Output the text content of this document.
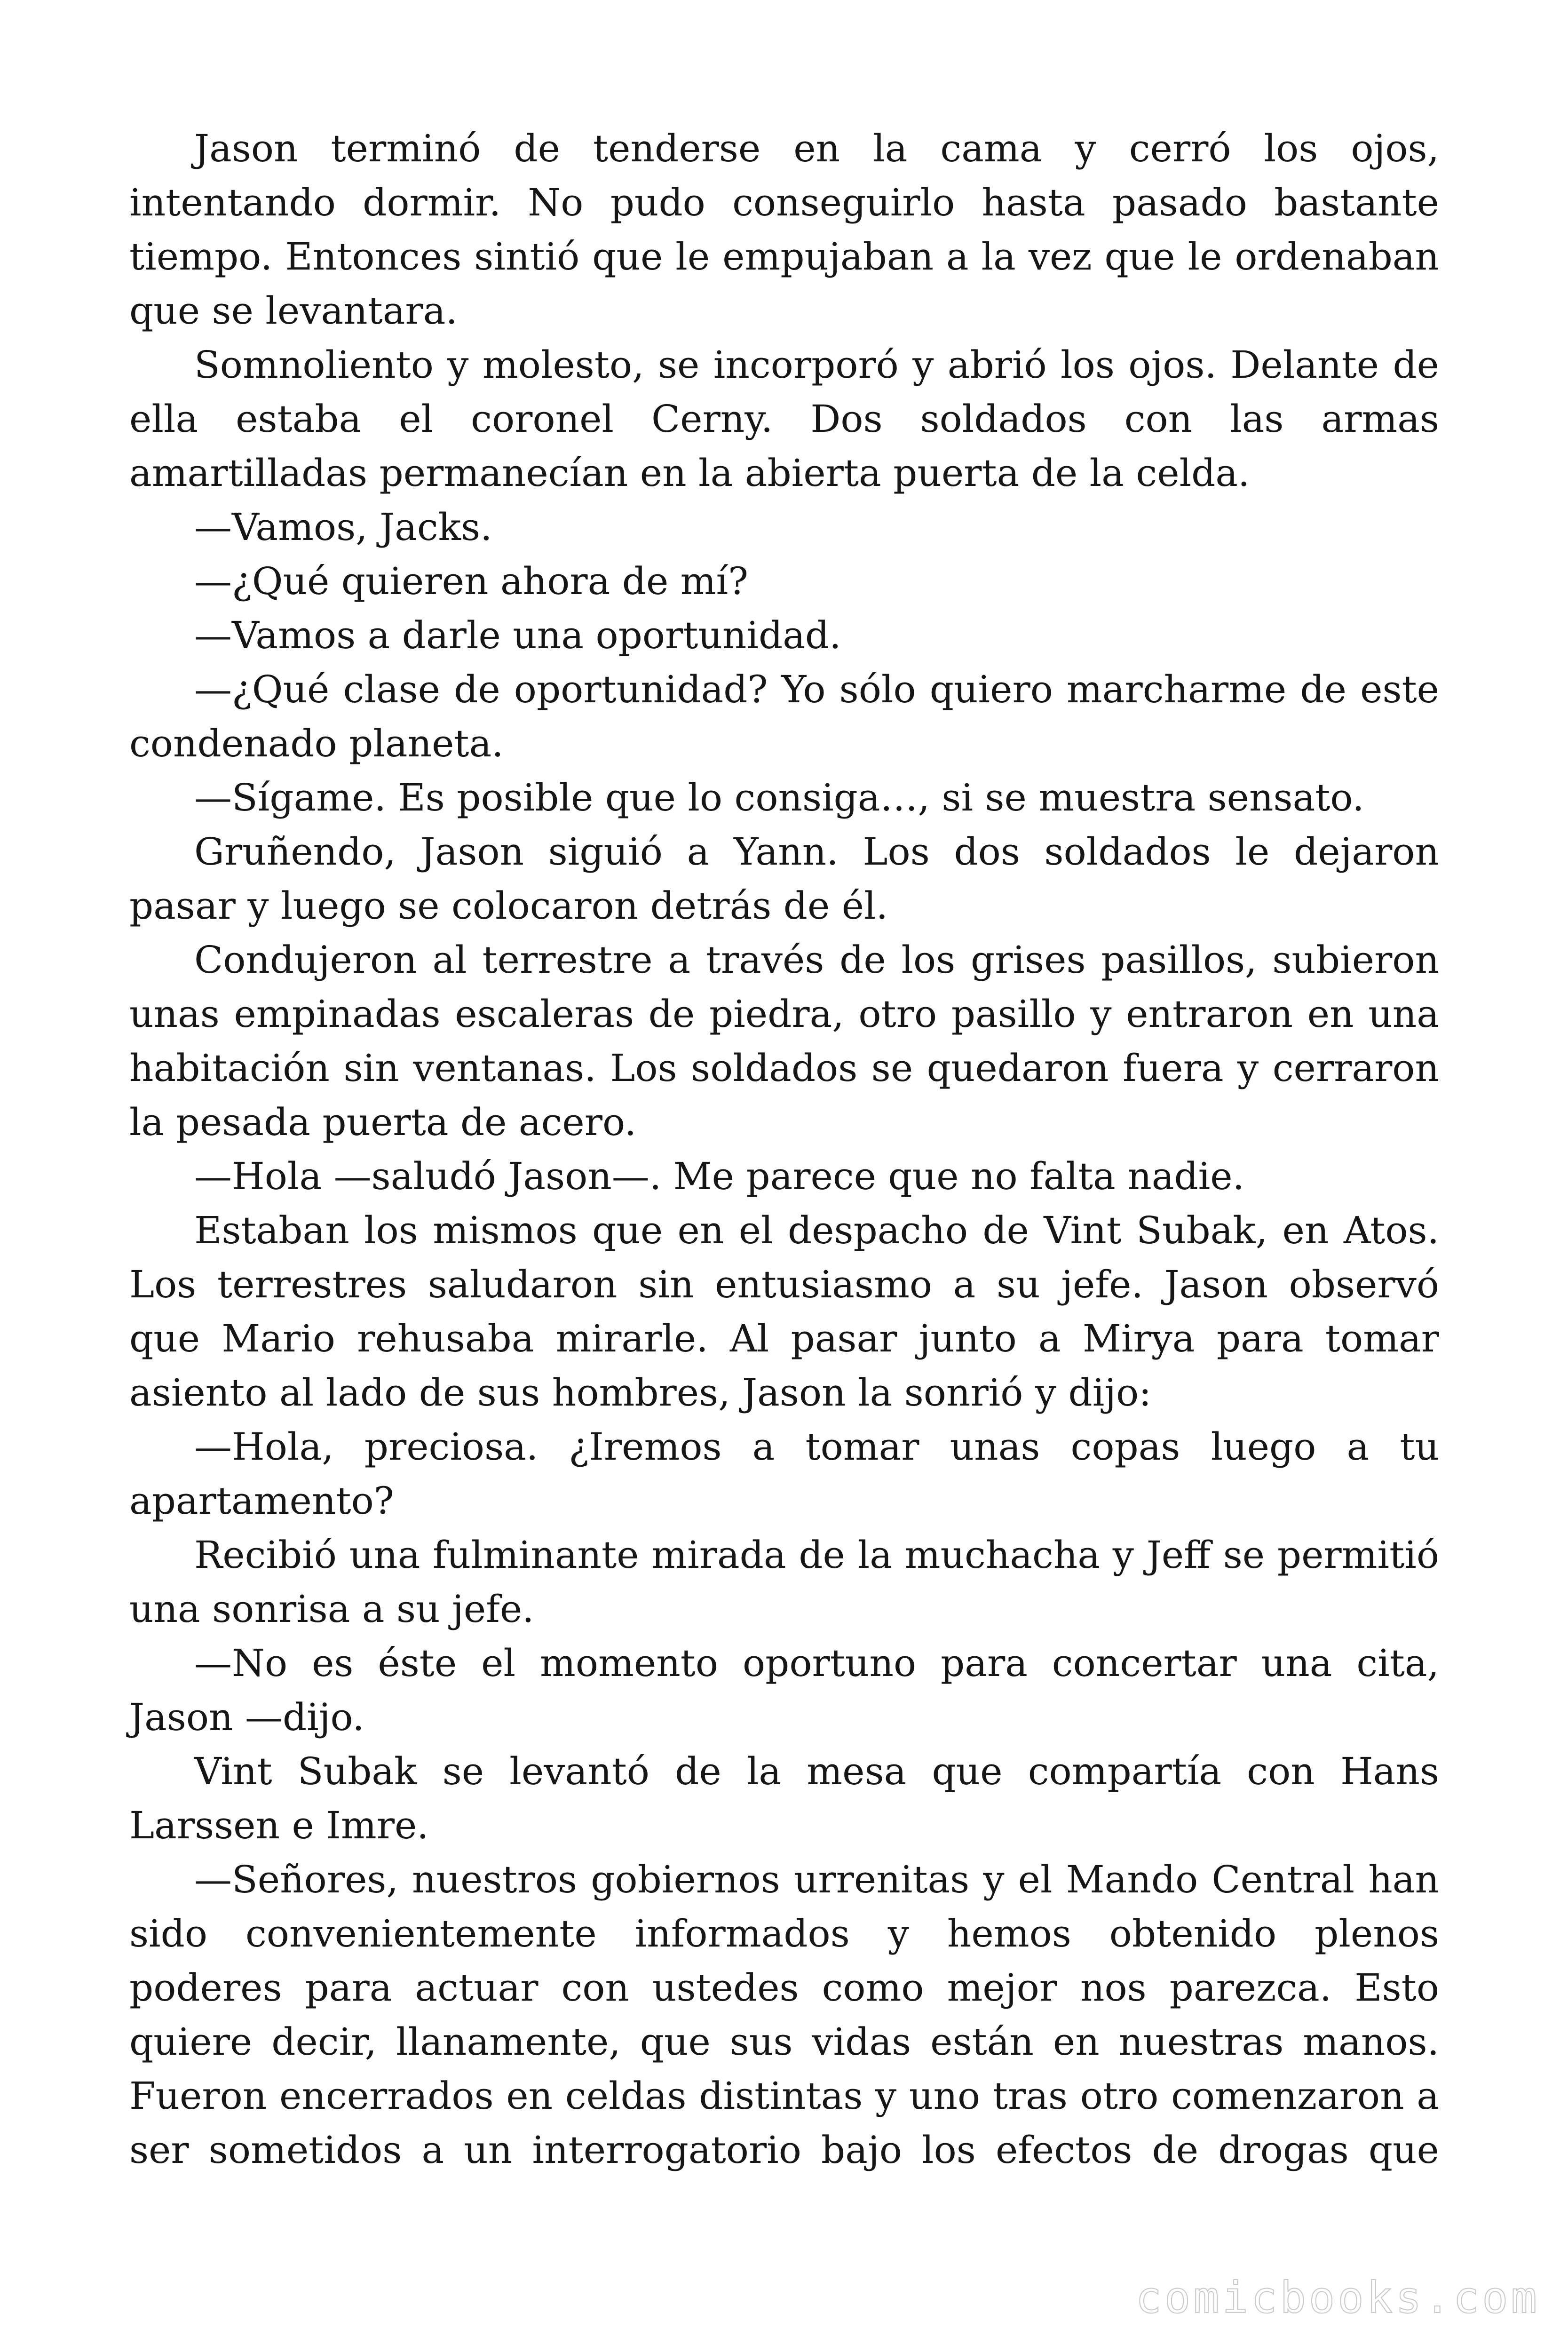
Jason terminó de tenderse en la cama y cerró los ojos, intentando dormir. No pudo conseguirlo hasta pasado bastante tiempo. Entonces sintió que le empujaban a la vez que le ordenaban que se levantara.

Somnoliento y molesto, se incorporó y abrió los ojos. Delante de ella estaba el coronel Cerny. Dos soldados con las armas amartilladas permanecían en la abierta puerta de la celda.

—Vamos, Jacks.

—¿Qué quieren ahora de mí?

—Vamos a darle una oportunidad.

—¿Qué clase de oportunidad? Yo sólo quiero marcharme de este condenado planeta.

—Sígame. Es posible que lo consiga…, si se muestra sensato.

Gruñendo, Jason siguió a Yann. Los dos soldados le dejaron pasar y luego se colocaron detrás de él.

Condujeron al terrestre a través de los grises pasillos, subieron unas empinadas escaleras de piedra, otro pasillo y entraron en una habitación sin ventanas. Los soldados se quedaron fuera y cerraron la pesada puerta de acero.

—Hola —saludó Jason—. Me parece que no falta nadie.

Estaban los mismos que en el despacho de Vint Subak, en Atos. Los terrestres saludaron sin entusiasmo a su jefe. Jason observó que Mario rehusaba mirarle. Al pasar junto a Mirya para tomar asiento al lado de sus hombres, Jason la sonrió y dijo:

—Hola, preciosa. ¿Iremos a tomar unas copas luego a tu apartamento?

Recibió una fulminante mirada de la muchacha y Jeff se permitió una sonrisa a su jefe.

—No es éste el momento oportuno para concertar una cita, Jason —dijo.

Vint Subak se levantó de la mesa que compartía con Hans Larssen e Imre.

—Señores, nuestros gobiernos urrenitas y el Mando Central han sido convenientemente informados y hemos obtenido plenos poderes para actuar con ustedes como mejor nos parezca. Esto quiere decir, llanamente, que sus vidas están en nuestras manos. Fueron encerrados en celdas distintas y uno tras otro comenzaron a ser sometidos a un interrogatorio bajo los efectos de drogas que

comicbooks.com
